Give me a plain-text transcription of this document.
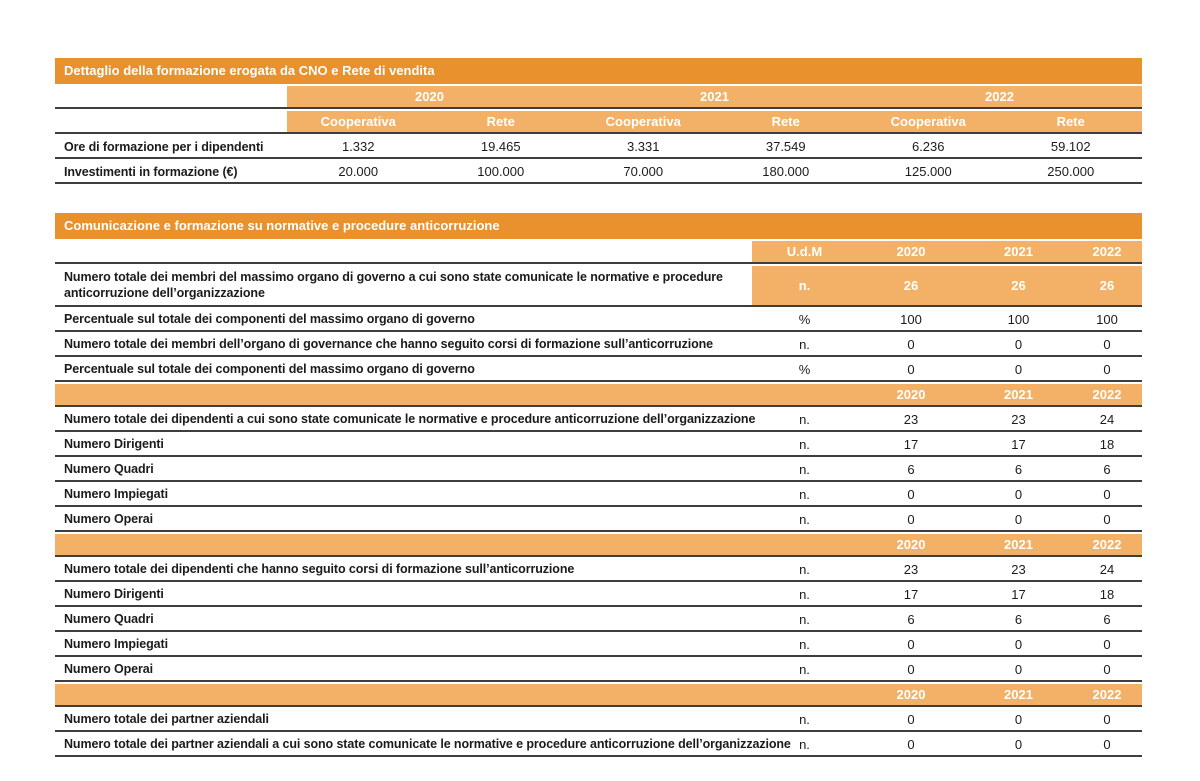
Dettaglio della formazione erogata da CNO e Rete di vendita
	2020		2021		2022	
	Cooperativa	Rete	Cooperativa	Rete	Cooperativa	Rete
Ore di formazione per i dipendenti	1.332	19.465	3.331	37.549	6.236	59.102
Investimenti in formazione (€)	20.000	100.000	70.000	180.000	125.000	250.000
Comunicazione e formazione su normative e procedure anticorruzione
	U.d.M	2020	2021	2022
Numero totale dei membri del massimo organo di governo a cui sono state comunicate le normative e procedure anticorruzione dell’organizzazione	n.	26	26	26
Percentuale sul totale dei componenti del massimo organo di governo	%	100	100	100
Numero totale dei membri dell’organo di governance che hanno seguito corsi di formazione sull’anticorruzione	n.	0	0	0
Percentuale sul totale dei componenti del massimo organo di governo	%	0	0	0
		2020	2021	2022
Numero totale dei dipendenti a cui sono state comunicate le normative e procedure anticorruzione dell’organizzazione	n.	23	23	24
Numero Dirigenti	n.	17	17	18
Numero Quadri	n.	6	6	6
Numero Impiegati	n.	0	0	0
Numero Operai	n.	0	0	0
		2020	2021	2022
Numero totale dei dipendenti che hanno seguito corsi di formazione sull’anticorruzione	n.	23	23	24
Numero Dirigenti	n.	17	17	18
Numero Quadri	n.	6	6	6
Numero Impiegati	n.	0	0	0
Numero Operai	n.	0	0	0
		2020	2021	2022
Numero totale dei partner aziendali	n.	0	0	0
Numero totale dei partner aziendali a cui sono state comunicate le normative e procedure anticorruzione dell’organizzazione	n.	0	0	0
